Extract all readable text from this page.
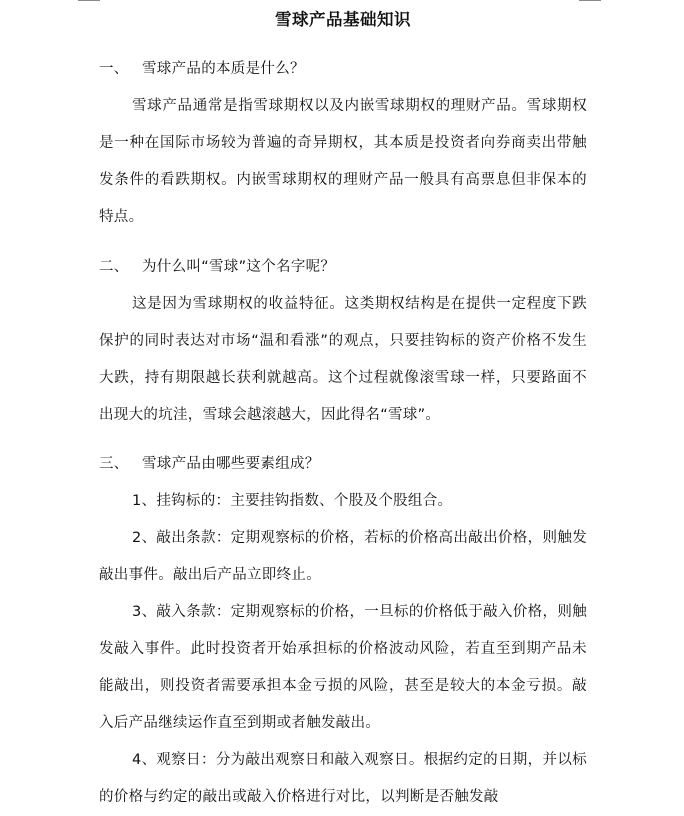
雪球产品基础知识
一、 雪球产品的本质是什么？
雪球产品通常是指雪球期权以及内嵌雪球期权的理财产品。雪球期权是一种在国际市场较为普遍的奇异期权，其本质是投资者向券商卖出带触发条件的看跌期权。内嵌雪球期权的理财产品一般具有高票息但非保本的特点。
二、 为什么叫“雪球”这个名字呢？
这是因为雪球期权的收益特征。这类期权结构是在提供一定程度下跌保护的同时表达对市场“温和看涨”的观点，只要挂钩标的资产价格不发生大跌，持有期限越长获利就越高。这个过程就像滚雪球一样，只要路面不出现大的坑洼，雪球会越滚越大，因此得名“雪球”。
三、 雪球产品由哪些要素组成？
1、挂钩标的：主要挂钩指数、个股及个股组合。
2、敲出条款：定期观察标的价格，若标的价格高出敲出价格，则触发敲出事件。敲出后产品立即终止。
3、敲入条款：定期观察标的价格，一旦标的价格低于敲入价格，则触发敲入事件。此时投资者开始承担标的价格波动风险，若直至到期产品未能敲出，则投资者需要承担本金亏损的风险，甚至是较大的本金亏损。敲入后产品继续运作直至到期或者触发敲出。
4、观察日：分为敲出观察日和敲入观察日。根据约定的日期，并以标的价格与约定的敲出或敲入价格进行对比，以判断是否触发敲
